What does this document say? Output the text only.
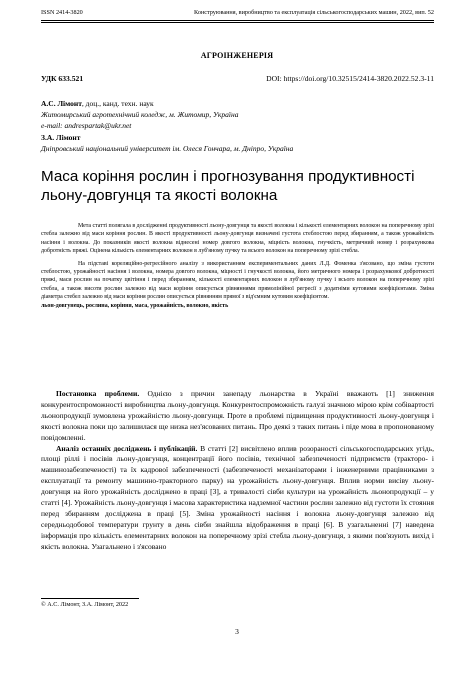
ISSN 2414-3820	Конструювання, виробництво та експлуатація сільськогосподарських машин, 2022, вип. 52
АГРОІНЖЕНЕРІЯ
УДК 633.521	DOI: https://doi.org/10.32515/2414-3820.2022.52.3-11
А.С. Лімонт, доц., канд. техн. наук
Житомирський агротехнічний коледж, м. Житомир, Україна
e-mail: andrespartak@ukr.net
З.А. Лімонт
Дніпровський національний університет ім. Олеся Гончара, м. Дніпро, Україна
Маса коріння рослин і прогнозування продуктивності льону-довгунця та якості волокна

Мета статті полягала в дослідженні продуктивності льону-довгунця та якості волокна і кількості елементарних волокон на поперечному зрізі стебла залежно від маси коріння рослин. В якості продуктивності льону-довгунця визначені густота стеблостою перед збиранням, а також урожайність насіння і волокна. До показників якості волокна віднесені номер довгого волокна, міцність волокна, гнучкість, метричний номер і розрахункова добротність пряжі. Оцінена кількість елементарних волокон в луб'яному пучку та всього волокон на поперечному зрізі стебла.

На підставі кореляційно-регресійного аналізу з використанням експериментальних даних Л.Д. Фоменка з'ясовано, що зміна густоти стеблостою, урожайності насіння і волокна, номера довгого волокна, міцності і гнучкості волокна, його метричного номера і розрахункової добротності пряжі, маси рослин на початку цвітіння і перед збиранням, кількості елементарних волокон в луб'яному пучку і всього волокон на поперечному зрізі стебла, а також висоти рослин залежно від маси коріння описується рівняннями прямолінійної регресії з додатніми кутовими коефіцієнтами. Зміна діаметра стебел залежно від маси коріння рослин описується рівнянням прямої з від'ємним кутовим коефіцієнтом.
льон-довгунець, рослина, коріння, маса, урожайність, волокно, якість

Постановка проблеми. Однією з причин занепаду льонарства в Україні вважають [1] зниження конкурентоспроможності виробництва льону-довгунця. Конкурентоспроможність галузі значною мірою крім собівартості льонопродукції зумовлена урожайністю льону-довгунця. Проте в проблемі підвищення продуктивності льону-довгунця і якості волокна поки що залишилася ще низка нез'ясованих питань. Про деякі з таких питань і піде мова в пропонованому повідомленні.

Аналіз останніх досліджень і публікацій. В статті [2] висвітлено вплив розорaності сільськогосподарських угідь, площі ріллі і посівів льону-довгунця, концентрації його посівів, технічної забезпеченості підприємств (тракторо- і машинозабезпеченості) та їх кадрової забезпеченості (забезпеченості механізаторами і інженерними працівниками з експлуатації та ремонту машинно-тракторного парку) на урожайність льону-довгунця. Вплив норми висіву льону-довгунця на його урожайність досліджено в праці [3], а тривалості сівби культури на урожайність льонопродукції – у статті [4]. Урожайність льону-довгунця і масова характеристика надземної частини рослин залежно від густоти їх стояння перед збиранням досліджена в праці [5]. Зміна урожайності насіння і волокна льону-довгунця залежно від середньодобової температури грунту в день сівби знайшла відображення в праці [6]. В узагальненні [7] наведена інформація про кількість елементарних волокон на поперечному зрізі стебла льону-довгунця, з якими пов'язують вихід і якість волокна. Узагальнено і з'ясовано

© А.С. Лімонт, З.А. Лімонт, 2022
3
